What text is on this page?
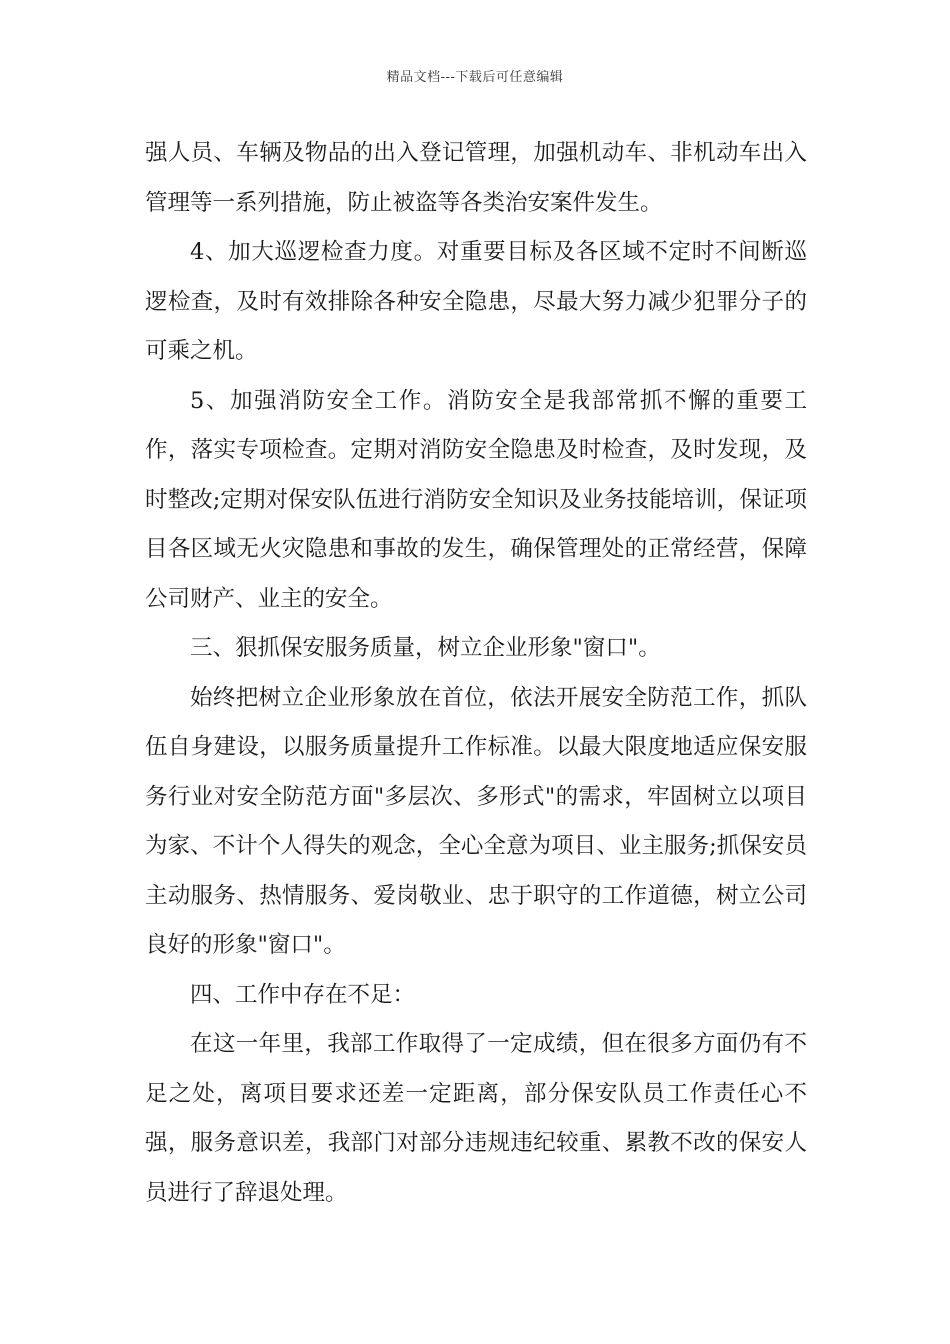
精品文档---下载后可任意编辑

强人员、车辆及物品的出入登记管理，加强机动车、非机动车出入管理等一系列措施，防止被盗等各类治安案件发生。

4、加大巡逻检查力度。对重要目标及各区域不定时不间断巡逻检查，及时有效排除各种安全隐患，尽最大努力减少犯罪分子的可乘之机。

5、加强消防安全工作。消防安全是我部常抓不懈的重要工作，落实专项检查。定期对消防安全隐患及时检查，及时发现，及时整改;定期对保安队伍进行消防安全知识及业务技能培训，保证项目各区域无火灾隐患和事故的发生，确保管理处的正常经营，保障公司财产、业主的安全。

三、狠抓保安服务质量，树立企业形象"窗口"。

始终把树立企业形象放在首位，依法开展安全防范工作，抓队伍自身建设，以服务质量提升工作标准。以最大限度地适应保安服务行业对安全防范方面"多层次、多形式"的需求，牢固树立以项目为家、不计个人得失的观念，全心全意为项目、业主服务;抓保安员主动服务、热情服务、爱岗敬业、忠于职守的工作道德，树立公司良好的形象"窗口"。

四、工作中存在不足：

在这一年里，我部工作取得了一定成绩，但在很多方面仍有不足之处，离项目要求还差一定距离，部分保安队员工作责任心不强，服务意识差，我部门对部分违规违纪较重、累教不改的保安人员进行了辞退处理。
